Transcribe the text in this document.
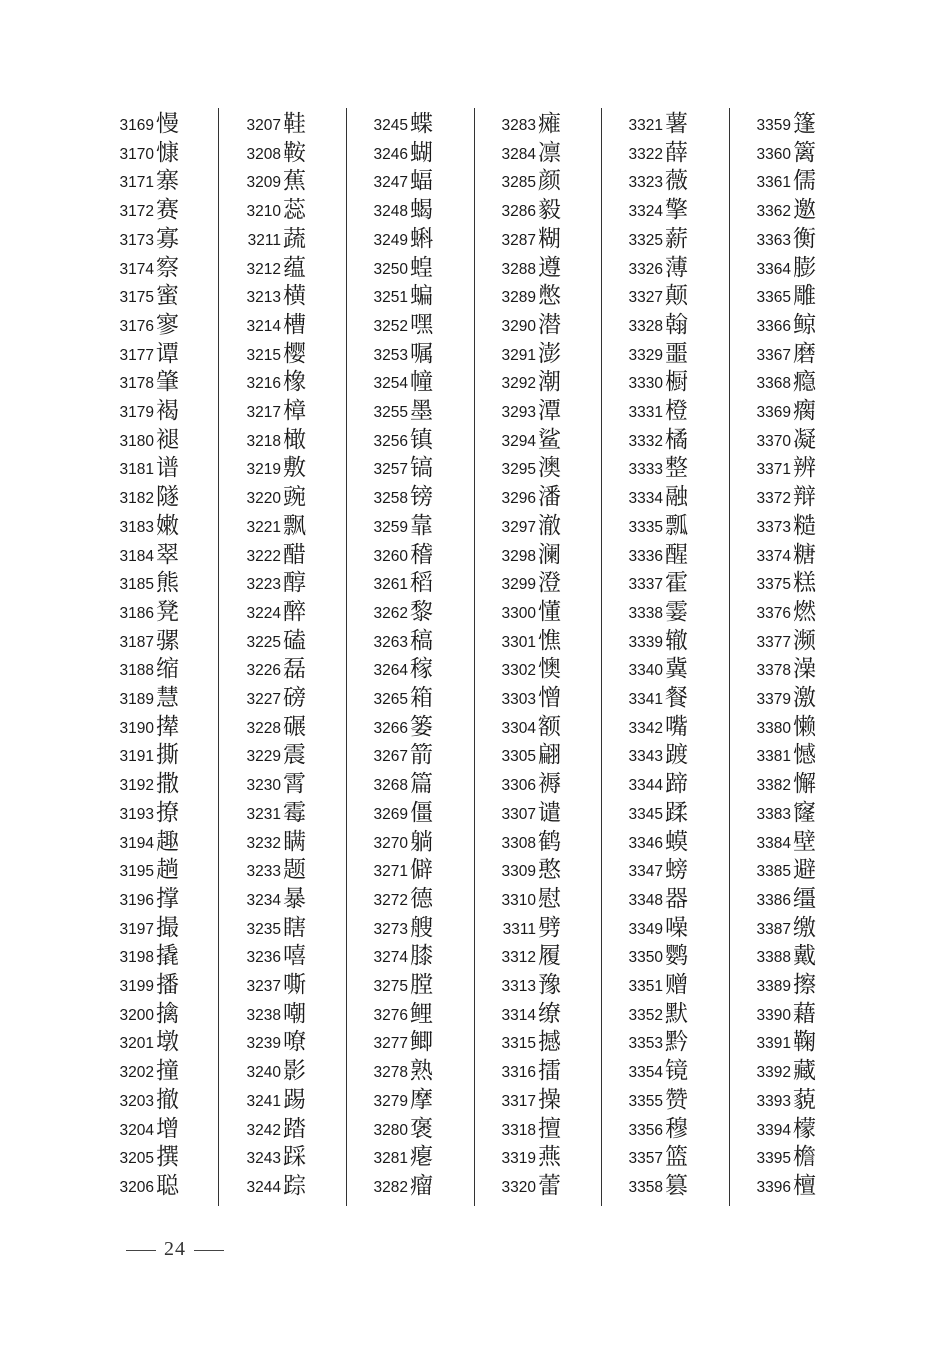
3169 慢
3170 慷
3171 寨
3172 赛
3173 寡
3174 察
3175 蜜
3176 寥
3177 谭
3178 肇
3179 褐
3180 褪
3181 谱
3182 隧
3183 嫩
3184 翠
3185 熊
3186 凳
3187 骡
3188 缩
3189 慧
3190 撵
3191 撕
3192 撒
3193 撩
3194 趣
3195 趟
3196 撑
3197 撮
3198 撬
3199 播
3200 擒
3201 墩
3202 撞
3203 撤
3204 增
3205 撰
3206 聪
3207 鞋
3208 鞍
3209 蕉
3210 蕊
3211 蔬
3212 蕴
3213 横
3214 槽
3215 樱
3216 橡
3217 樟
3218 橄
3219 敷
3220 豌
3221 飘
3222 醋
3223 醇
3224 醉
3225 磕
3226 磊
3227 磅
3228 碾
3229 震
3230 霄
3231 霉
3232 瞒
3233 题
3234 暴
3235 瞎
3236 嘻
3237 嘶
3238 嘲
3239 嘹
3240 影
3241 踢
3242 踏
3243 踩
3244 踪
3245 蝶
3246 蝴
3247 蝠
3248 蝎
3249 蝌
3250 蝗
3251 蝙
3252 嘿
3253 嘱
3254 幢
3255 墨
3256 镇
3257 镐
3258 镑
3259 靠
3260 稽
3261 稻
3262 黎
3263 稿
3264 稼
3265 箱
3266 篓
3267 箭
3268 篇
3269 僵
3270 躺
3271 僻
3272 德
3273 艘
3274 膝
3275 膛
3276 鲤
3277 鲫
3278 熟
3279 摩
3280 褒
3281 瘪
3282 瘤
3283 瘫
3284 凛
3285 颜
3286 毅
3287 糊
3288 遵
3289 憋
3290 潜
3291 澎
3292 潮
3293 潭
3294 鲨
3295 澳
3296 潘
3297 澈
3298 澜
3299 澄
3300 懂
3301 憔
3302 懊
3303 憎
3304 额
3305 翩
3306 褥
3307 谴
3308 鹤
3309 憨
3310 慰
3311 劈
3312 履
3313 豫
3314 缭
3315 撼
3316 擂
3317 操
3318 擅
3319 燕
3320 蕾
3321 薯
3322 薛
3323 薇
3324 擎
3325 薪
3326 薄
3327 颠
3328 翰
3329 噩
3330 橱
3331 橙
3332 橘
3333 整
3334 融
3335 瓢
3336 醒
3337 霍
3338 霎
3339 辙
3340 冀
3341 餐
3342 嘴
3343 踱
3344 蹄
3345 蹂
3346 蟆
3347 螃
3348 器
3349 噪
3350 鹦
3351 赠
3352 默
3353 黔
3354 镜
3355 赞
3356 穆
3357 篮
3358 篡
3359 篷
3360 篱
3361 儒
3362 邀
3363 衡
3364 膨
3365 雕
3366 鲸
3367 磨
3368 瘾
3369 瘸
3370 凝
3371 辨
3372 辩
3373 糙
3374 糖
3375 糕
3376 燃
3377 濒
3378 澡
3379 激
3380 懒
3381 憾
3382 懈
3383 窿
3384 壁
3385 避
3386 缰
3387 缴
3388 戴
3389 擦
3390 藉
3391 鞠
3392 藏
3393 藐
3394 檬
3395 檐
3396 檀
24
